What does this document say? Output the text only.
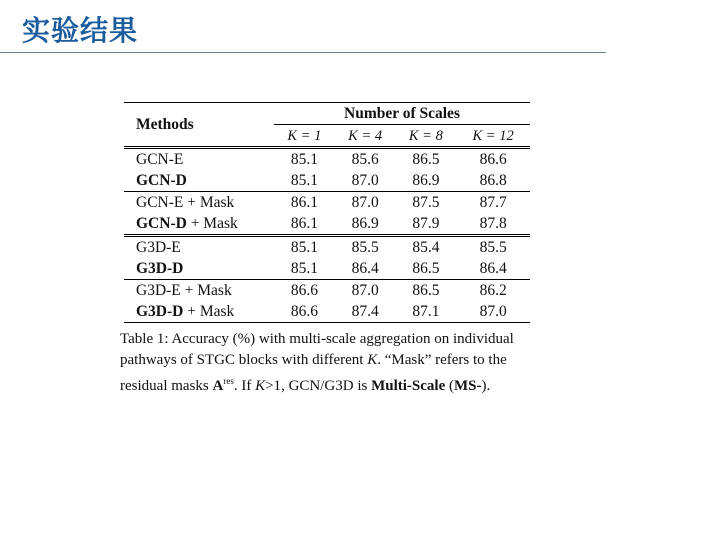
实验结果
Methods	Number of Scales			
	K = 1	K = 4	K = 8	K = 12
GCN-E	85.1	85.6	86.5	86.6
GCN-D	85.1	87.0	86.9	86.8
GCN-E + Mask	86.1	87.0	87.5	87.7
GCN-D + Mask	86.1	86.9	87.9	87.8
G3D-E	85.1	85.5	85.4	85.5
G3D-D	85.1	86.4	86.5	86.4
G3D-E + Mask	86.6	87.0	86.5	86.2
G3D-D + Mask	86.6	87.4	87.1	87.0
Table 1: Accuracy (%) with multi-scale aggregation on individual pathways of STGC blocks with different K. “Mask” refers to the residual masks $A^{res}$. If K>1, GCN/G3D is Multi-Scale (MS-).
